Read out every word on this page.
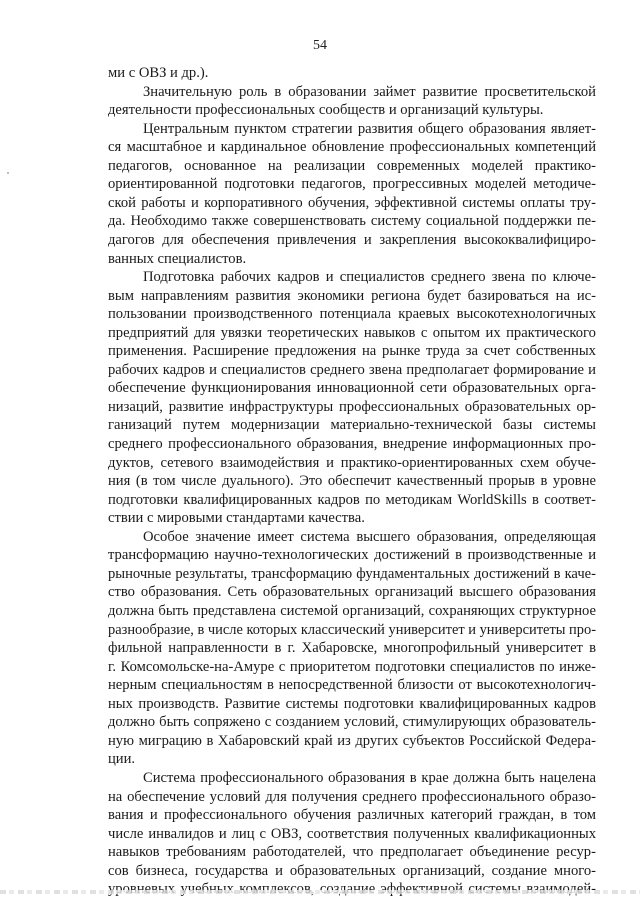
54
ми с ОВЗ и др.).
Значительную роль в образовании займет развитие просветительской
деятельности профессиональных сообществ и организаций культуры.
Центральным пунктом стратегии развития общего образования являет-
ся масштабное и кардинальное обновление профессиональных компетенций
педагогов, основанное на реализации современных моделей практико-
ориентированной подготовки педагогов, прогрессивных моделей методиче-
ской работы и корпоративного обучения, эффективной системы оплаты тру-
да. Необходимо также совершенствовать систему социальной поддержки пе-
дагогов для обеспечения привлечения и закрепления высококвалифициро-
ванных специалистов.
Подготовка рабочих кадров и специалистов среднего звена по ключе-
вым направлениям развития экономики региона будет базироваться на ис-
пользовании производственного потенциала краевых высокотехнологичных
предприятий для увязки теоретических навыков с опытом их практического
применения. Расширение предложения на рынке труда за счет собственных
рабочих кадров и специалистов среднего звена предполагает формирование и
обеспечение функционирования инновационной сети образовательных орга-
низаций, развитие инфраструктуры профессиональных образовательных ор-
ганизаций путем модернизации материально-технической базы системы
среднего профессионального образования, внедрение информационных про-
дуктов, сетевого взаимодействия и практико-ориентированных схем обуче-
ния (в том числе дуального). Это обеспечит качественный прорыв в уровне
подготовки квалифицированных кадров по методикам WorldSkills в соответ-
ствии с мировыми стандартами качества.
Особое значение имеет система высшего образования, определяющая
трансформацию научно-технологических достижений в производственные и
рыночные результаты, трансформацию фундаментальных достижений в каче-
ство образования. Сеть образовательных организаций высшего образования
должна быть представлена системой организаций, сохраняющих структурное
разнообразие, в числе которых классический университет и университеты про-
фильной направленности в г. Хабаровске, многопрофильный университет в
г. Комсомольске-на-Амуре с приоритетом подготовки специалистов по инже-
нерным специальностям в непосредственной близости от высокотехнологич-
ных производств. Развитие системы подготовки квалифицированных кадров
должно быть сопряжено с созданием условий, стимулирующих образователь-
ную миграцию в Хабаровский край из других субъектов Российской Федера-
ции.
Система профессионального образования в крае должна быть нацелена
на обеспечение условий для получения среднего профессионального образо-
вания и профессионального обучения различных категорий граждан, в том
числе инвалидов и лиц с ОВЗ, соответствия полученных квалификационных
навыков требованиям работодателей, что предполагает объединение ресур-
сов бизнеса, государства и образовательных организаций, создание много-
